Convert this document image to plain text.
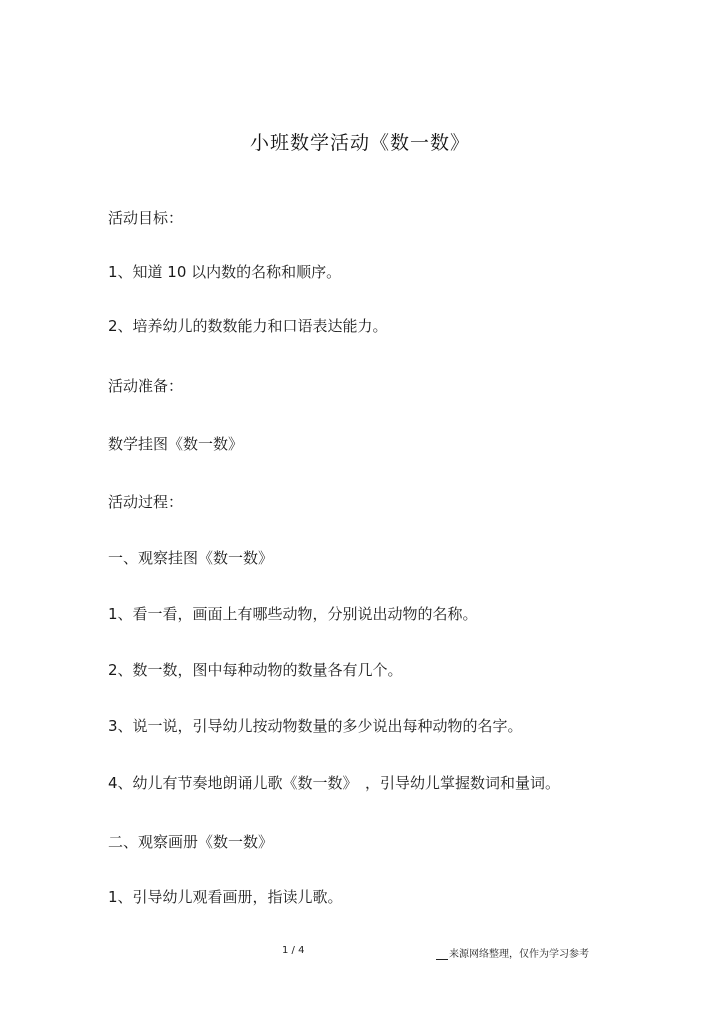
小班数学活动《数一数》
活动目标：
1、知道 10 以内数的名称和顺序。
2、培养幼儿的数数能力和口语表达能力。
活动准备：
数学挂图《数一数》
活动过程：
一、观察挂图《数一数》
1、看一看，画面上有哪些动物，分别说出动物的名称。
2、数一数，图中每种动物的数量各有几个。
3、说一说，引导幼儿按动物数量的多少说出每种动物的名字。
4、幼儿有节奏地朗诵儿歌《数一数》　，引导幼儿掌握数词和量词。
二、观察画册《数一数》
1、引导幼儿观看画册，指读儿歌。
1 / 4	来源网络整理，仅作为学习参考
